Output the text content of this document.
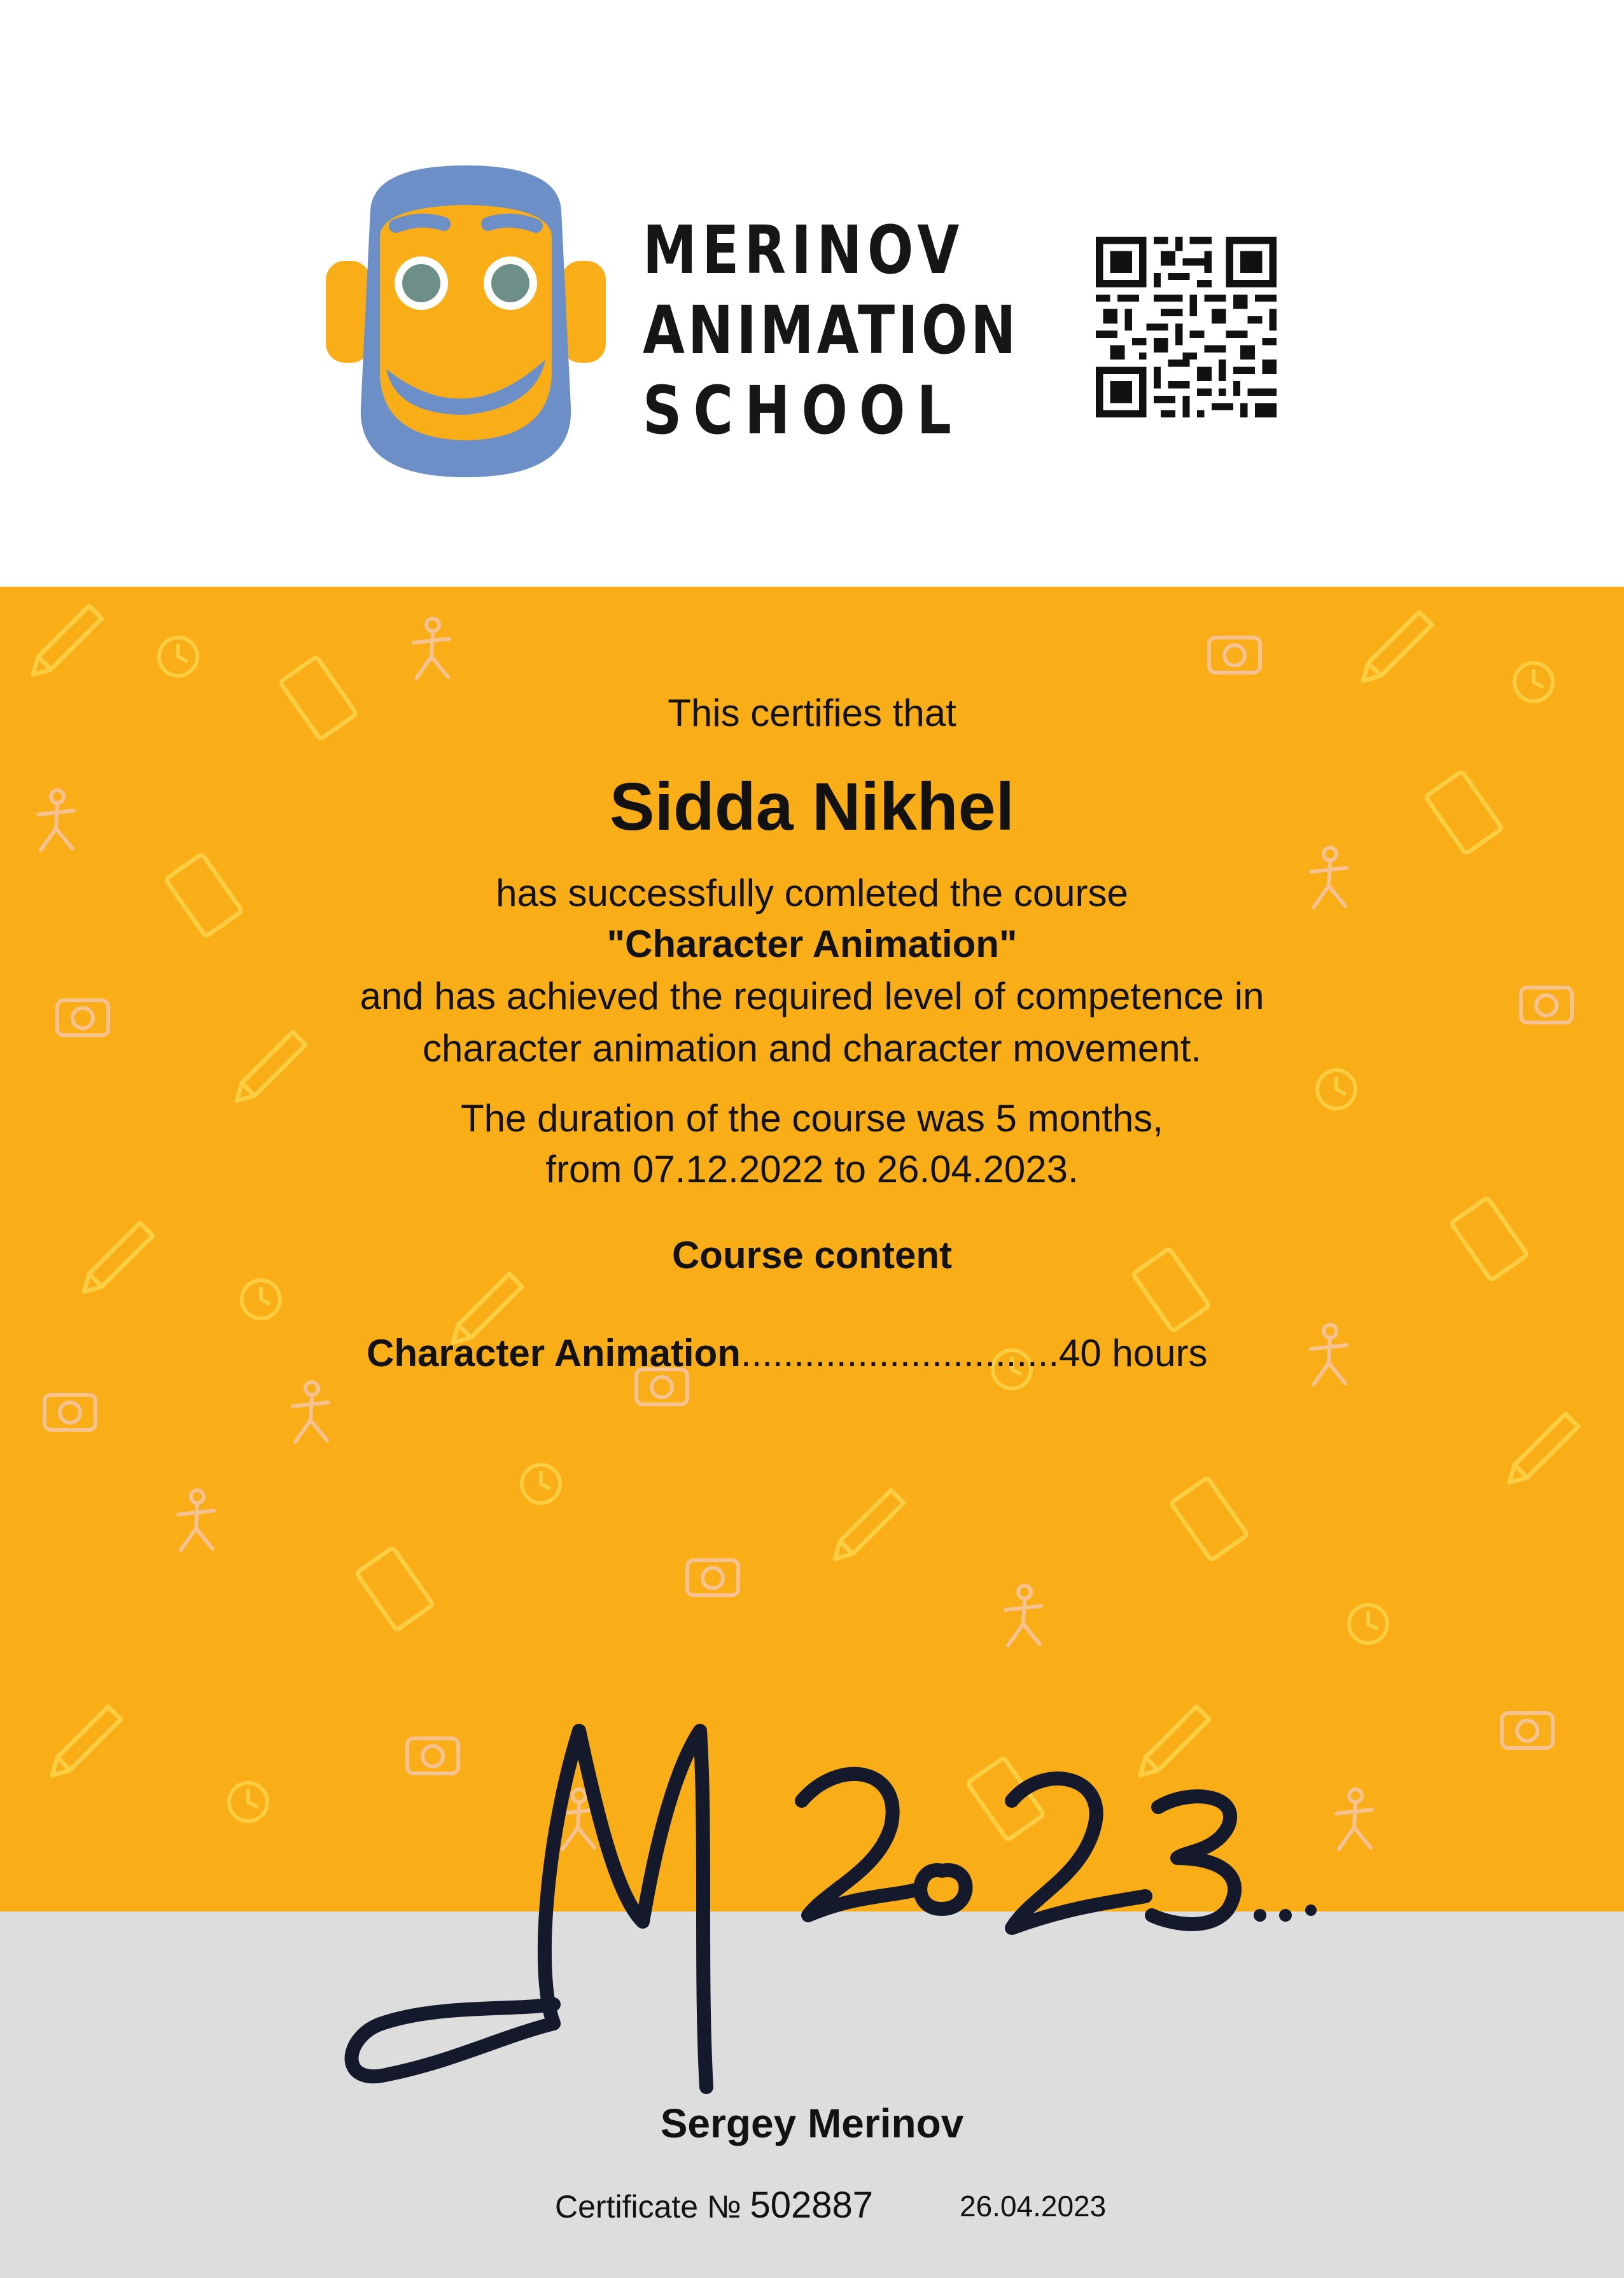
MERINOV

ANIMATION

SCHOOL

This certifies that

Sidda Nikhel

has successfully comleted the course

"Character Animation"

and has achieved the required level of competence in

character animation and character movement.

The duration of the course was 5 months,

from 07.12.2022 to 26.04.2023.

Course content

Character Animation..............................40 hours

Sergey Merinov

Certificate № 502887	26.04.2023
